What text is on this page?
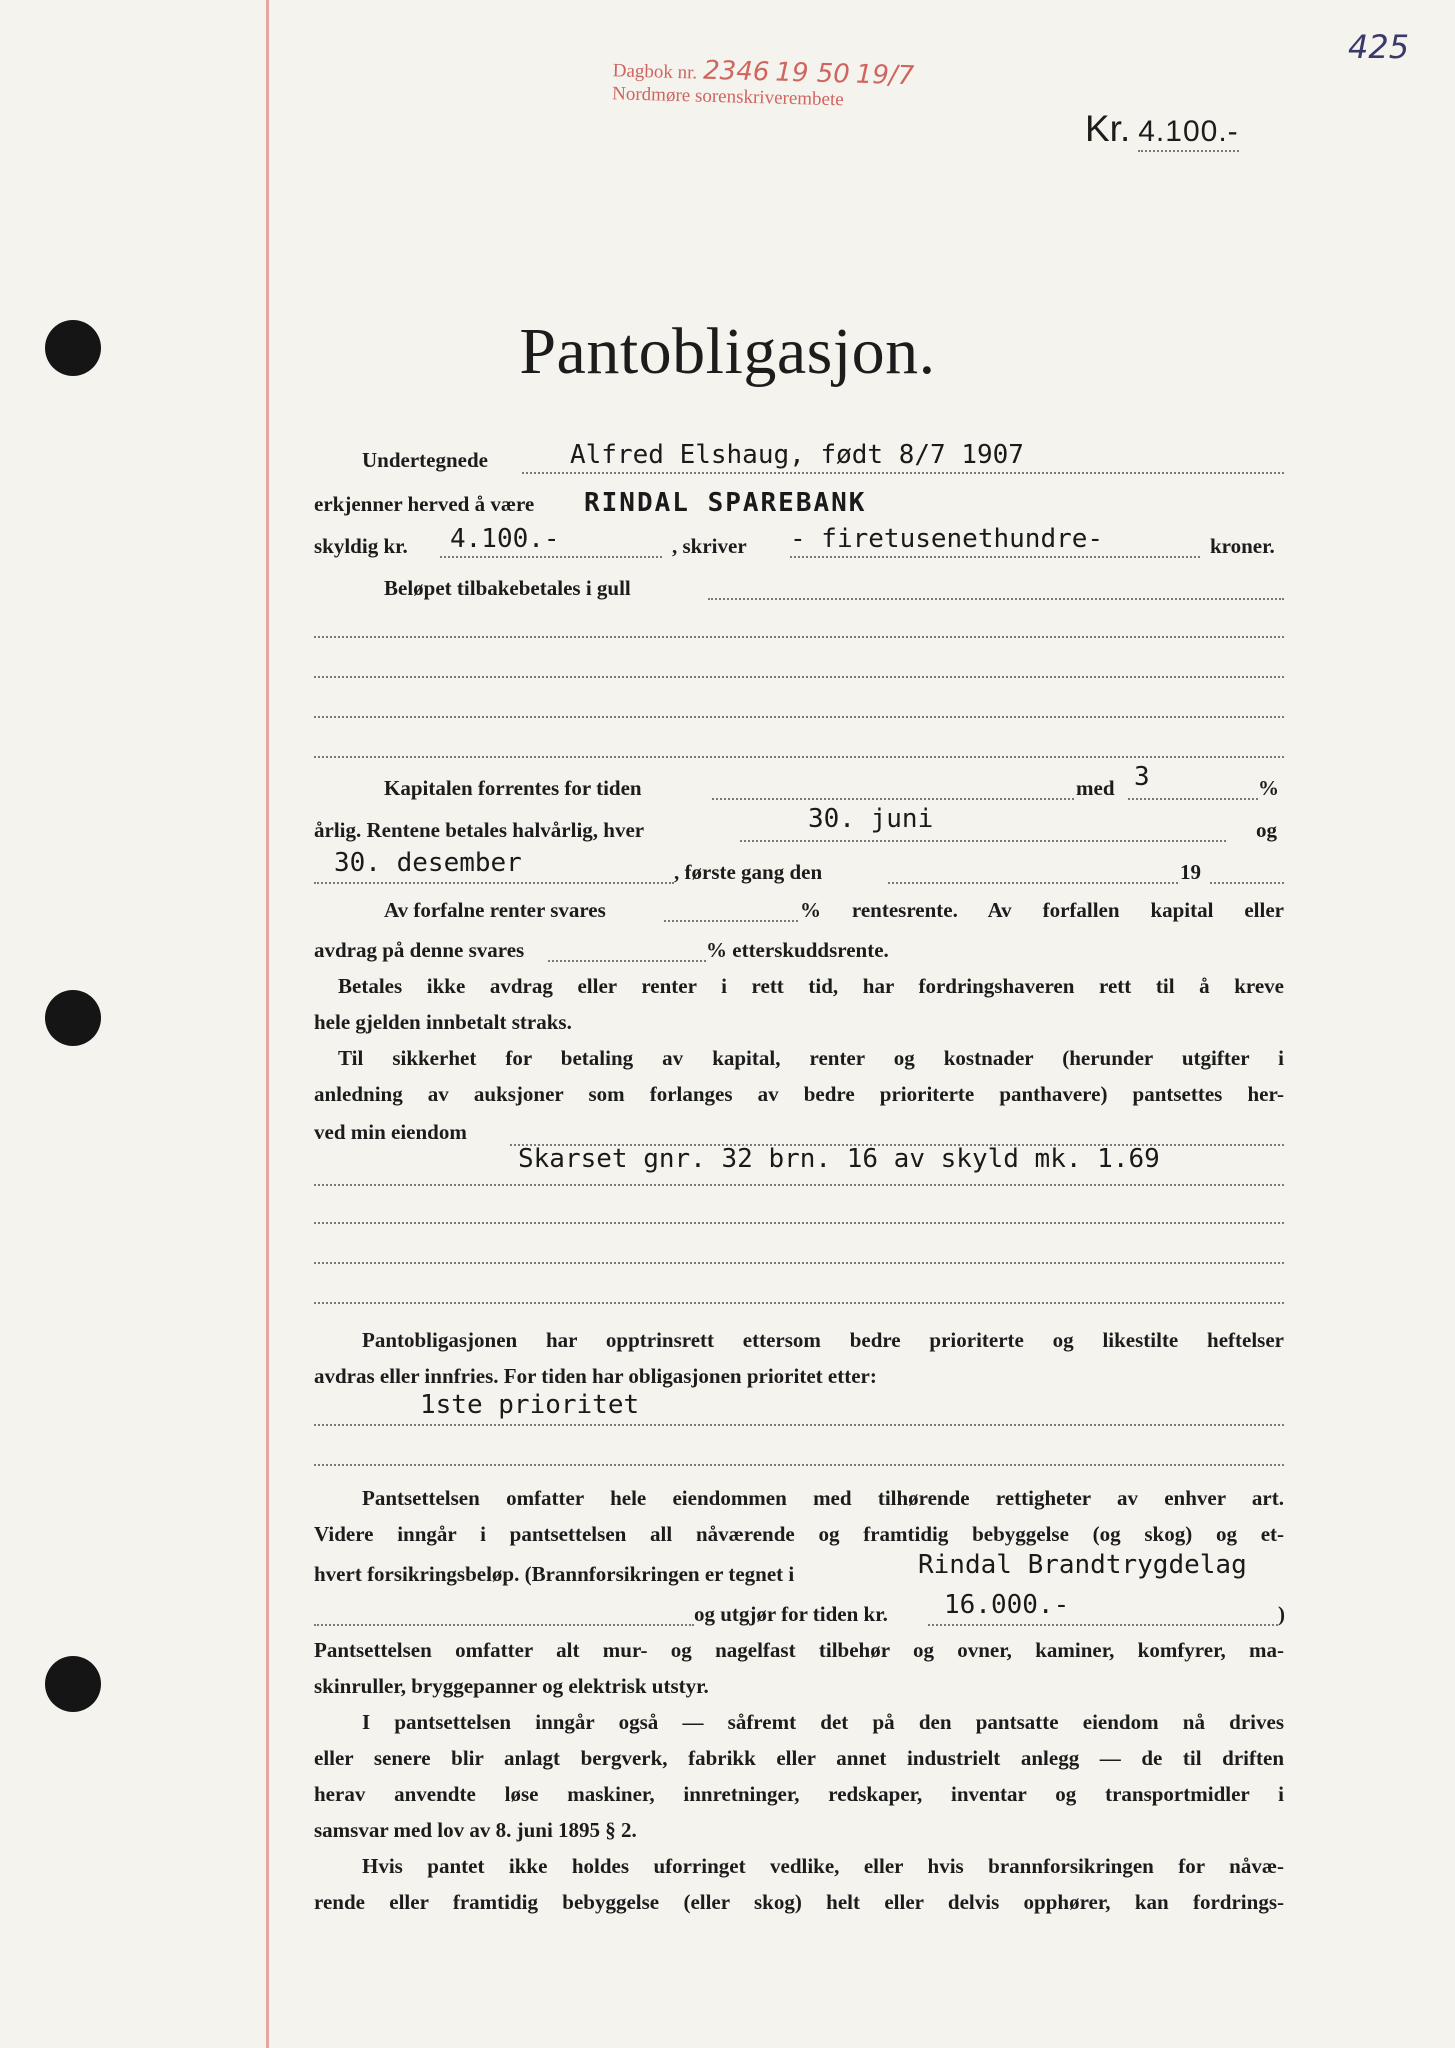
Dagbok nr. 2346 19 50 19/7
Nordmøre sorenskriverembete
425
Kr. 4.100.-
Pantobligasjon.
Undertegnede	Alfred Elshaug, født 8/7 1907
erkjenner herved å være RINDAL SPAREBANK
skyldig kr. 4.100.-	, skriver - firetusenethundre-	kroner.
Beløpet tilbakebetales i gull
Kapitalen forrentes for tiden	med 3	%
årlig. Rentene betales halvårlig, hver	30. juni	og
30. desember	, første gang den	19
Av forfalne renter svares	% rentesrente. Av forfallen kapital eller
avdrag på denne svares	% etterskuddsrente.
Betales ikke avdrag eller renter i rett tid, har fordringshaveren rett til å kreve
hele gjelden innbetalt straks.
Til sikkerhet for betaling av kapital, renter og kostnader (herunder utgifter i
anledning av auksjoner som forlanges av bedre prioriterte panthavere) pantsettes her-
ved min eiendom
Skarset gnr. 32 brn. 16 av skyld mk. 1.69
Pantobligasjonen har opptrinsrett ettersom bedre prioriterte og likestilte heftelser
avdras eller innfries. For tiden har obligasjonen prioritet etter:
1ste prioritet
Pantsettelsen omfatter hele eiendommen med tilhørende rettigheter av enhver art.
Videre inngår i pantsettelsen all nåværende og framtidig bebyggelse (og skog) og et-
hvert forsikringsbeløp. (Brannforsikringen er tegnet i	Rindal Brandtrygdelag
og utgjør for tiden kr. 16.000.-	)
Pantsettelsen omfatter alt mur- og nagelfast tilbehør og ovner, kaminer, komfyrer, ma-
skinruller, bryggepanner og elektrisk utstyr.
I pantsettelsen inngår også — såfremt det på den pantsatte eiendom nå drives
eller senere blir anlagt bergverk, fabrikk eller annet industrielt anlegg — de til driften
herav anvendte løse maskiner, innretninger, redskaper, inventar og transportmidler i
samsvar med lov av 8. juni 1895 § 2.
Hvis pantet ikke holdes uforringet vedlike, eller hvis brannforsikringen for nåvæ-
rende eller framtidig bebyggelse (eller skog) helt eller delvis opphører, kan fordrings-
